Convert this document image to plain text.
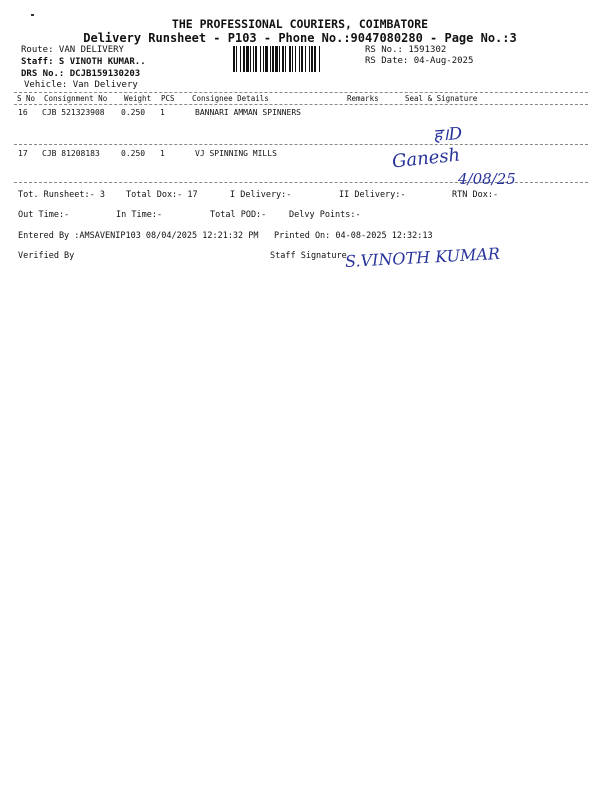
THE PROFESSIONAL COURIERS, COIMBATORE
Delivery Runsheet - P103 - Phone No.:9047080280 - Page No.:3
Route: VAN DELIVERY
Staff: S VINOTH KUMAR..
DRS No.: DCJB159130203
Vehicle: Van Delivery
RS No.: 1591302
RS Date: 04-Aug-2025
S No Consignment No Weight PCS Consignee Details	Remarks	Seal & Signature
16 CJB 521323908 0.250 1	BANNARI AMMAN SPINNERS
17 CJB 81208183	0.250 1	VJ SPINNING MILLS
ह।D
Ganesh
4/08/25
Tot. Runsheet:- 3 Total Dox:- 17	I Delivery:-	II Delivery:-	RTN Dox:-
Out Time:-	In Time:-	Total POD:-	Delvy Points:-
Entered By :AMSAVENIP103 08/04/2025 12:21:32 PM Printed On: 04-08-2025 12:32:13
Verified By	Staff Signature
S.VINOTH KUMAR
